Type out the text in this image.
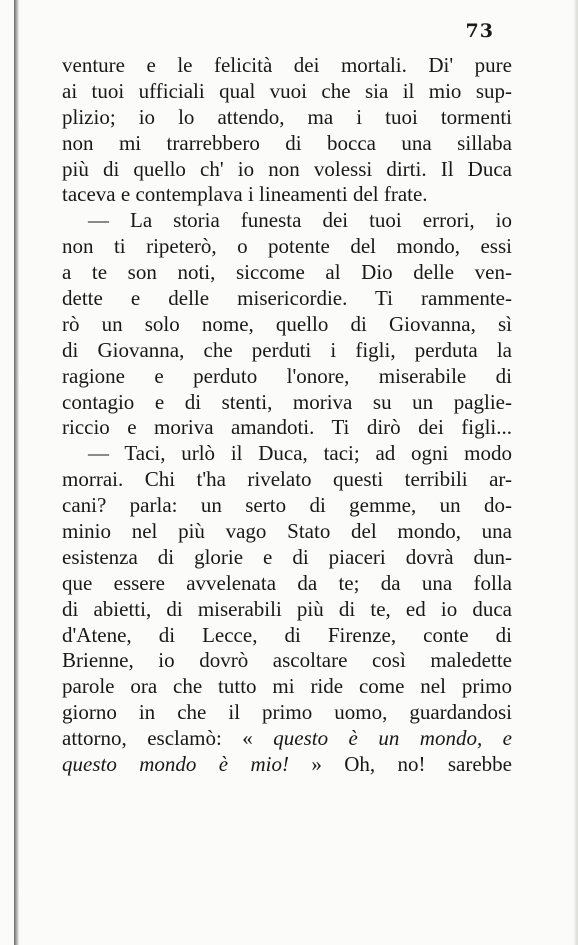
73
venture e le felicità dei mortali. Di' pure
ai tuoi ufficiali qual vuoi che sia il mio sup-
plizio; io lo attendo, ma i tuoi tormenti
non mi trarrebbero di bocca una sillaba
più di quello ch' io non volessi dirti. Il Duca
taceva e contemplava i lineamenti del frate.
— La storia funesta dei tuoi errori, io
non ti ripeterò, o potente del mondo, essi
a te son noti, siccome al Dio delle ven-
dette e delle misericordie. Ti rammente-
rò un solo nome, quello di Giovanna, sì
di Giovanna, che perduti i figli, perduta la
ragione e perduto l'onore, miserabile di
contagio e di stenti, moriva su un paglie-
riccio e moriva amandoti. Ti dirò dei figli...
— Taci, urlò il Duca, taci; ad ogni modo
morrai. Chi t'ha rivelato questi terribili ar-
cani? parla: un serto di gemme, un do-
minio nel più vago Stato del mondo, una
esistenza di glorie e di piaceri dovrà dun-
que essere avvelenata da te; da una folla
di abietti, di miserabili più di te, ed io duca
d'Atene, di Lecce, di Firenze, conte di
Brienne, io dovrò ascoltare così maledette
parole ora che tutto mi ride come nel primo
giorno in che il primo uomo, guardandosi
attorno, esclamò: « questo è un mondo, e
questo mondo è mio! » Oh, no! sarebbe
